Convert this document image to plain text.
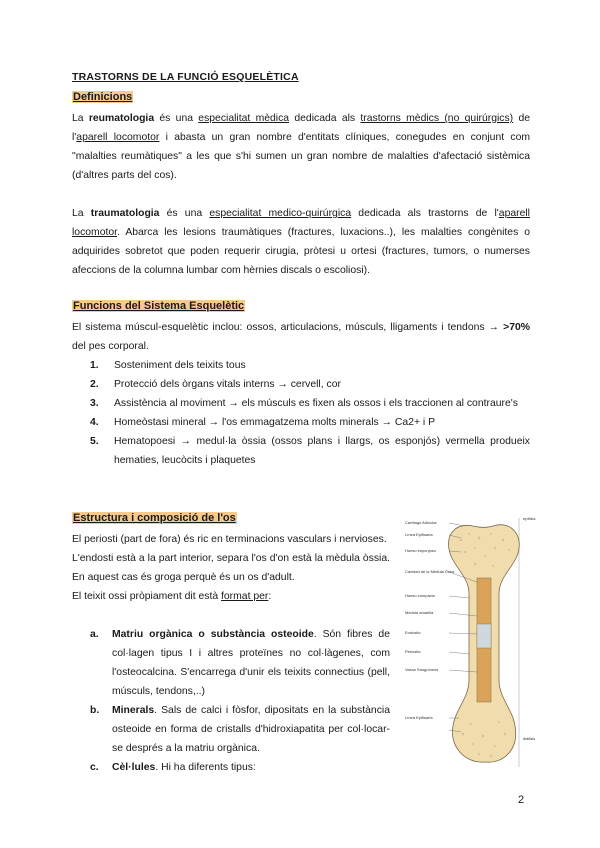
TRASTORNS DE LA FUNCIÓ ESQUELÈTICA
Definicions

La reumatologia és una especialitat mèdica dedicada als trastorns mèdics (no quirúrgics) de l'aparell locomotor i abasta un gran nombre d'entitats clíniques, conegudes en conjunt com "malalties reumàtiques" a les que s'hi sumen un gran nombre de malalties d'afectació sistèmica (d'altres parts del cos).

La traumatologia és una especialitat medico-quirúrgica dedicada als trastorns de l'aparell locomotor. Abarca les lesions traumàtiques (fractures, luxacions..), les malalties congènites o adquirides sobretot que poden requerir cirugia, pròtesi u ortesi (fractures, tumors, o numerses afeccions de la columna lumbar com hèrnies discals o escoliosi).

Funcions del Sistema Esquelètic

El sistema múscul-esquelètic inclou: ossos, articulacions, músculs, lligaments i tendons → >70% del pes corporal.

1. Sosteniment dels teixits tous
2. Protecció dels òrgans vitals interns → cervell, cor
3. Assistència al moviment → els músculs es fixen als ossos i els traccionen al contraure's
4. Homeòstasi mineral → l'os emmagatzema molts minerals → Ca2+ i P
5. Hematopoesi → medul·la òssia (ossos plans i llargs, os esponjós) vermella produeix hematies, leucòcits i plaquetes
Estructura i composició de l'os

El periosti (part de fora) és ric en terminacions vasculars i nervioses.

L'endosti està a la part interior, separa l'os d'on està la mèdula òssia. En aquest cas és groga perquè és un os d'adult.

El teixit ossi pròpiament dit està format per:

a. Matriu orgànica o substància osteoide. Són fibres de col·lagen tipus I i altres proteïnes no col·làgenes, com l'osteocalcina. S'encarrega d'unir els teixits connectius (pell, músculs, tendons,..)
b. Minerals. Sals de calci i fòsfor, dipositats en la substància osteoide en forma de cristalls d'hidroxiapatita per col·locar-se després a la matriu orgànica.
c. Cèl·lules. Hi ha diferents tipus:
Cartílago Articular
Línea Epifisaria
Hueso esponjoso
Cavidad de la Médula Ósea
Hueso compacto
Médula amarilla
Endostio
Periostio
Vasos Sanguíneos
Línea Epifisaria
epífisis
diáfisis
2
